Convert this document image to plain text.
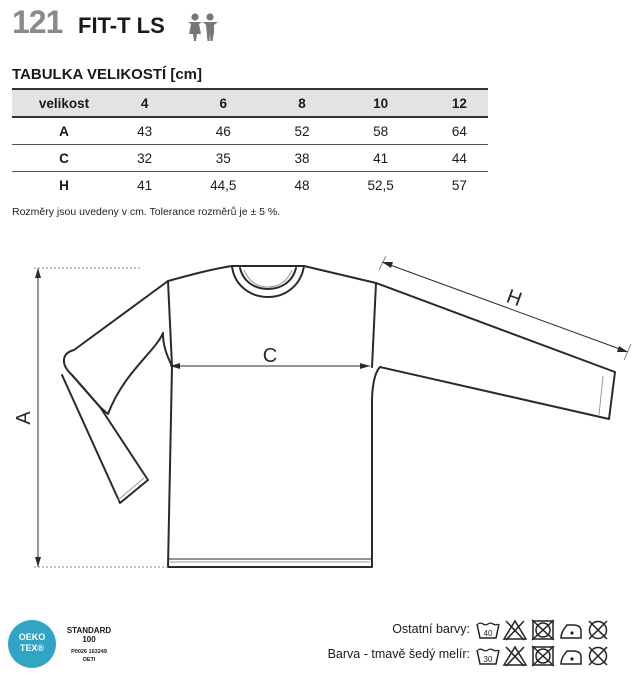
121 FIT-T LS
TABULKA VELIKOSTÍ [cm]
velikost	4	6	8	10	12
A	43	46	52	58	64
C	32	35	38	41	44
H	41	44,5	48	52,5	57
Rozměry jsou uvedeny v cm. Tolerance rozměrů je ± 5 %.
A
C
H
OEKO
TEX®
STANDARD
100
P0026 163249
OETI
Ostatní barvy: 40
Barva - tmavě šedý melír: 30
